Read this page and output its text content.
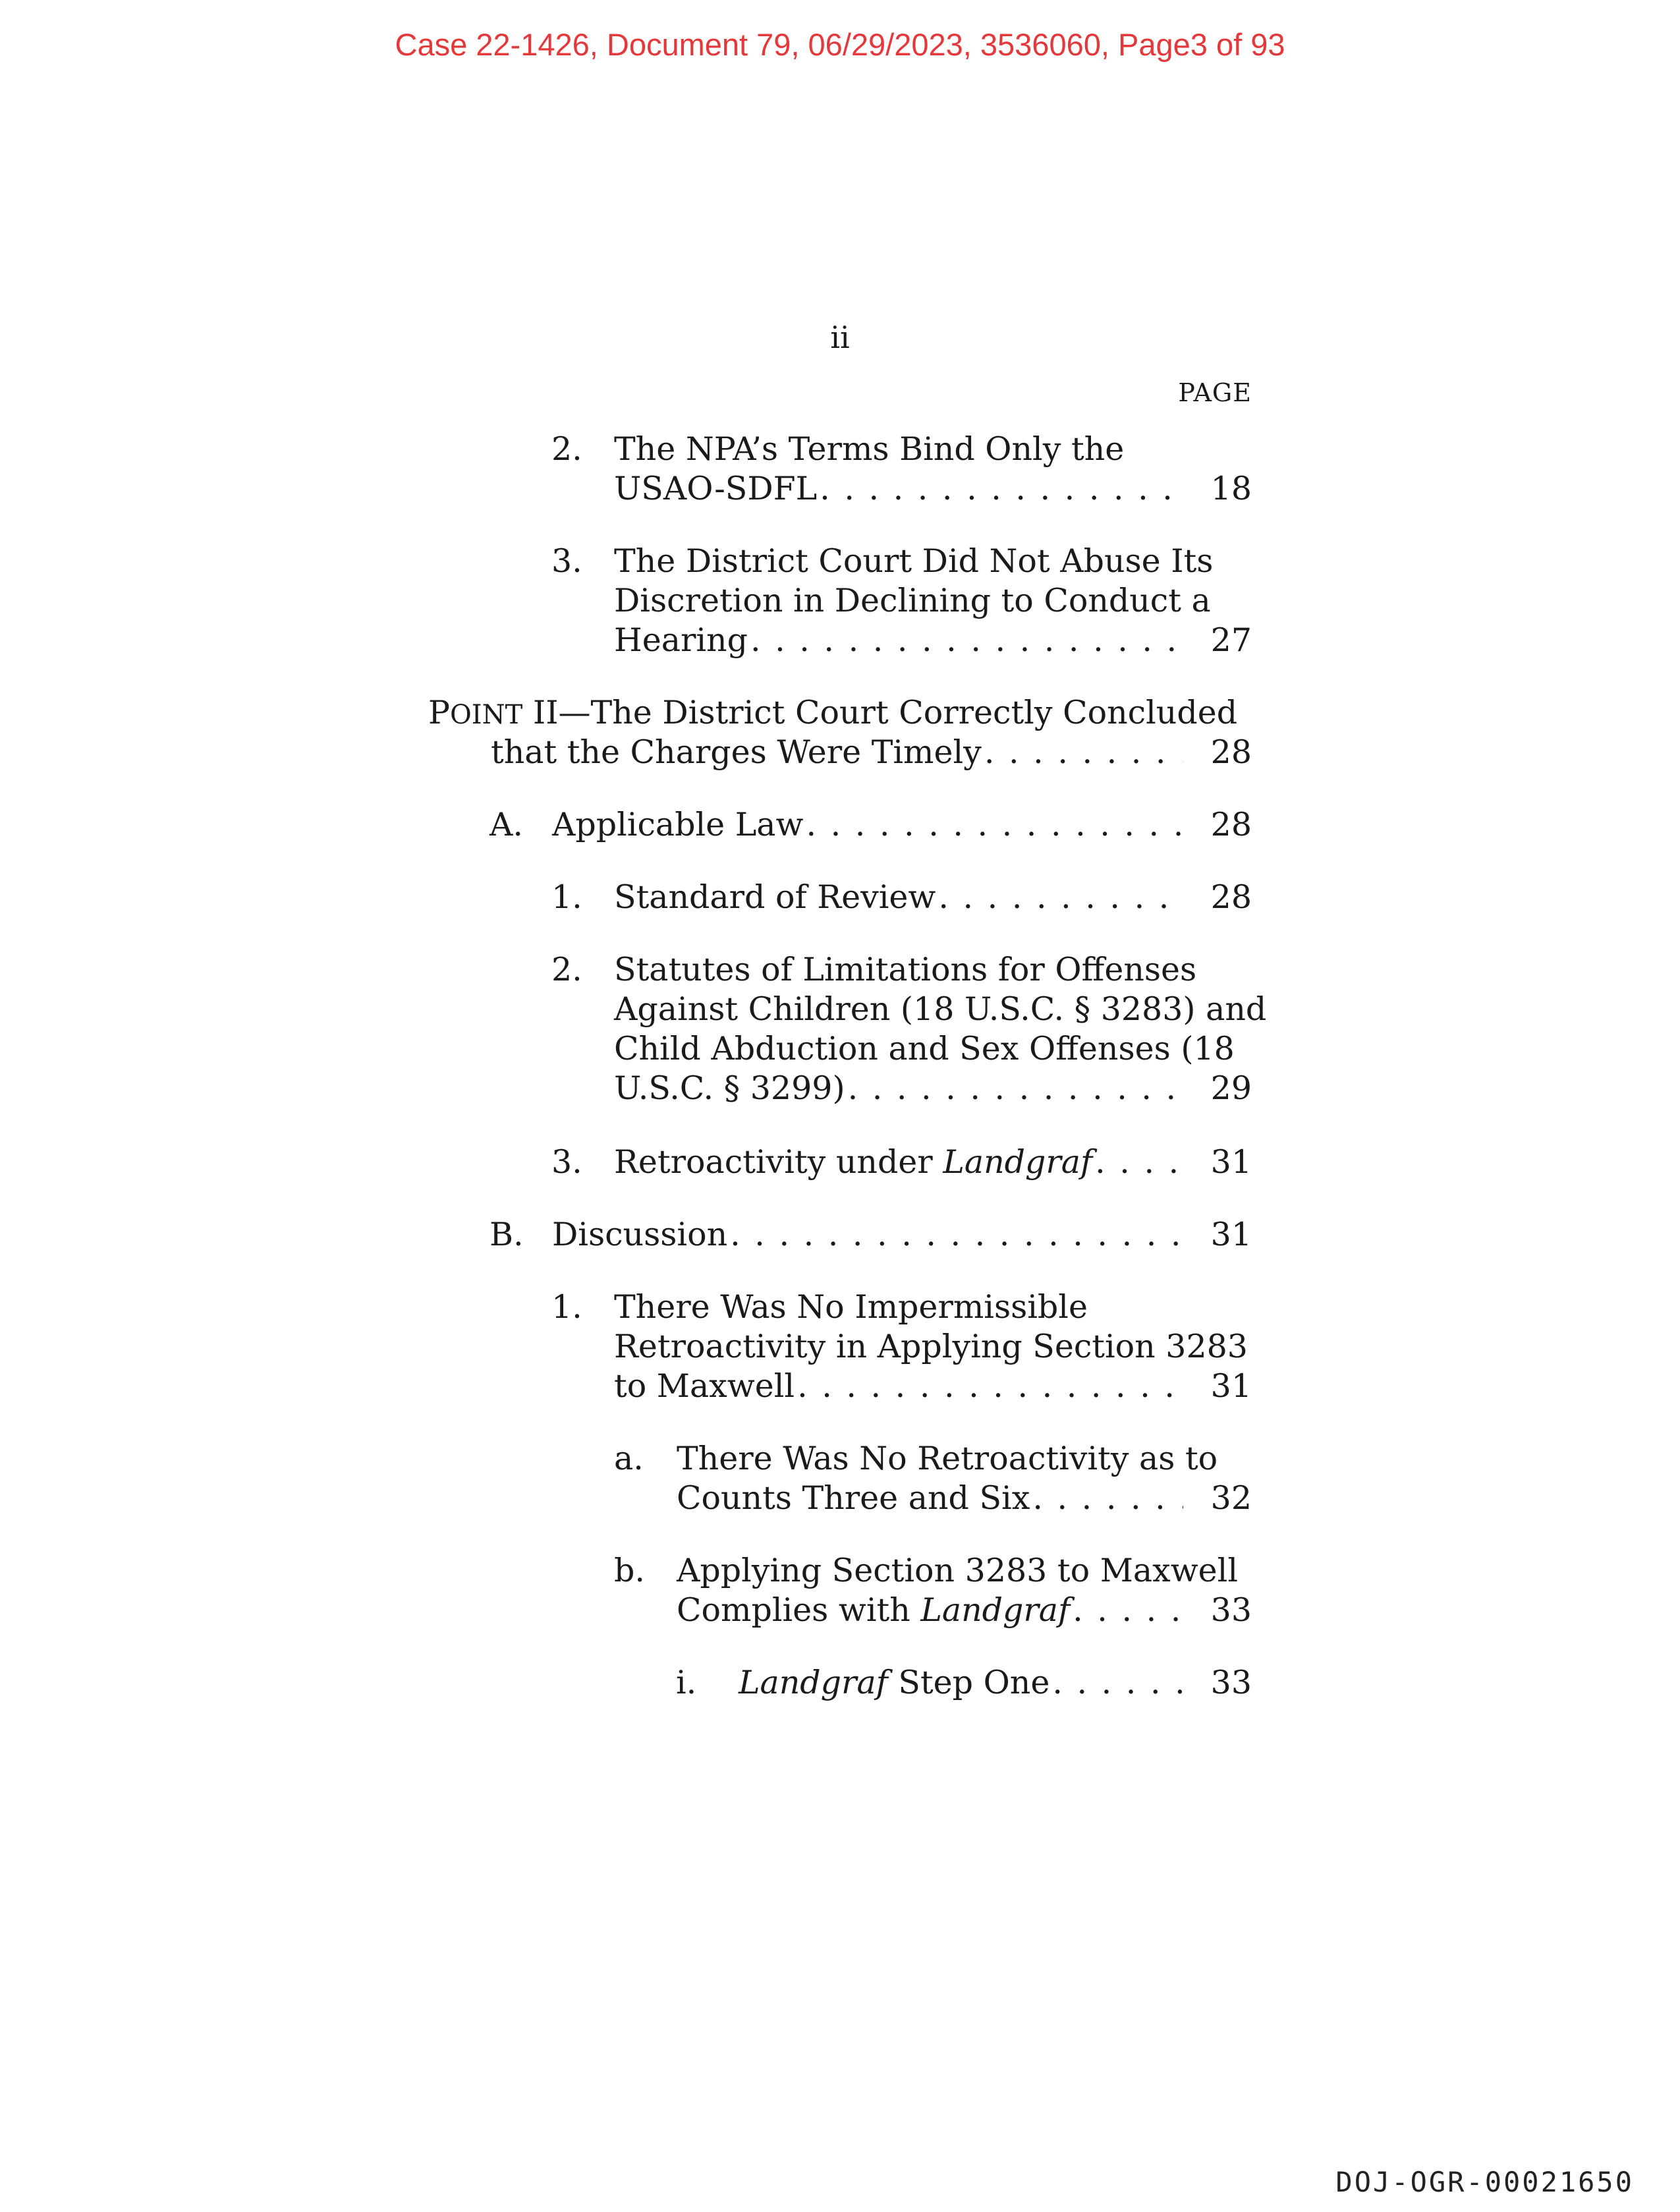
Case 22-1426, Document 79, 06/29/2023, 3536060, Page3 of 93
ii
PAGE
2. The NPA’s Terms Bind Only the
USAO-SDFL . . .	18
3. The District Court Did Not Abuse Its
Discretion in Declining to Conduct a
Hearing . . .	27
POINT II—The District Court Correctly Concluded
that the Charges Were Timely . . .	28
A. Applicable Law . . .	28
1. Standard of Review . . .	28
2. Statutes of Limitations for Offenses
Against Children (18 U.S.C. § 3283) and
Child Abduction and Sex Offenses (18
U.S.C. § 3299) . . .	29
3. Retroactivity under Landgraf . . .	31
B. Discussion . . .	31
1. There Was No Impermissible
Retroactivity in Applying Section 3283
to Maxwell . . .	31
a. There Was No Retroactivity as to
Counts Three and Six . . .	32
b. Applying Section 3283 to Maxwell
Complies with Landgraf . . .	33
i. Landgraf Step One . . .	33
DOJ-OGR-00021650
